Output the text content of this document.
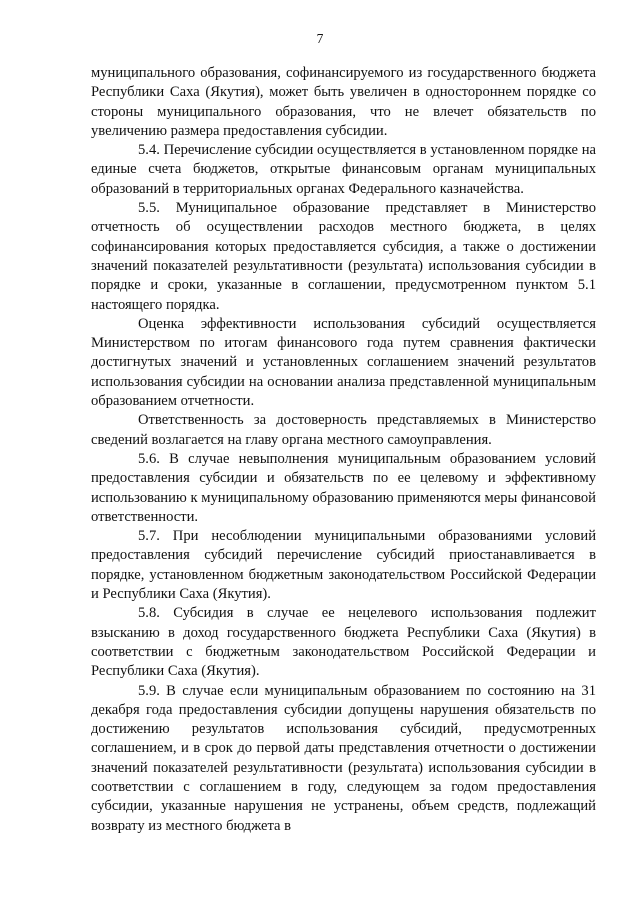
7

муниципального образования, софинансируемого из государственного бюджета Республики Саха (Якутия), может быть увеличен в одностороннем порядке со стороны муниципального образования, что не влечет обязательств по увеличению размера предоставления субсидии.

5.4. Перечисление субсидии осуществляется в установленном порядке на единые счета бюджетов, открытые финансовым органам муниципальных образований в территориальных органах Федерального казначейства.

5.5. Муниципальное образование представляет в Министерство отчетность об осуществлении расходов местного бюджета, в целях софинансирования которых предоставляется субсидия, а также о достижении значений показателей результативности (результата) использования субсидии в порядке и сроки, указанные в соглашении, предусмотренном пунктом 5.1 настоящего порядка.

Оценка эффективности использования субсидий осуществляется Министерством по итогам финансового года путем сравнения фактически достигнутых значений и установленных соглашением значений результатов использования субсидии на основании анализа представленной муниципальным образованием отчетности.

Ответственность за достоверность представляемых в Министерство сведений возлагается на главу органа местного самоуправления.

5.6. В случае невыполнения муниципальным образованием условий предоставления субсидии и обязательств по ее целевому и эффективному использованию к муниципальному образованию применяются меры финансовой ответственности.

5.7. При несоблюдении муниципальными образованиями условий предоставления субсидий перечисление субсидий приостанавливается в порядке, установленном бюджетным законодательством Российской Федерации и Республики Саха (Якутия).

5.8. Субсидия в случае ее нецелевого использования подлежит взысканию в доход государственного бюджета Республики Саха (Якутия) в соответствии с бюджетным законодательством Российской Федерации и Республики Саха (Якутия).

5.9. В случае если муниципальным образованием по состоянию на 31 декабря года предоставления субсидии допущены нарушения обязательств по достижению результатов использования субсидий, предусмотренных соглашением, и в срок до первой даты представления отчетности о достижении значений показателей результативности (результата) использования субсидии в соответствии с соглашением в году, следующем за годом предоставления субсидии, указанные нарушения не устранены, объем средств, подлежащий возврату из местного бюджета в
